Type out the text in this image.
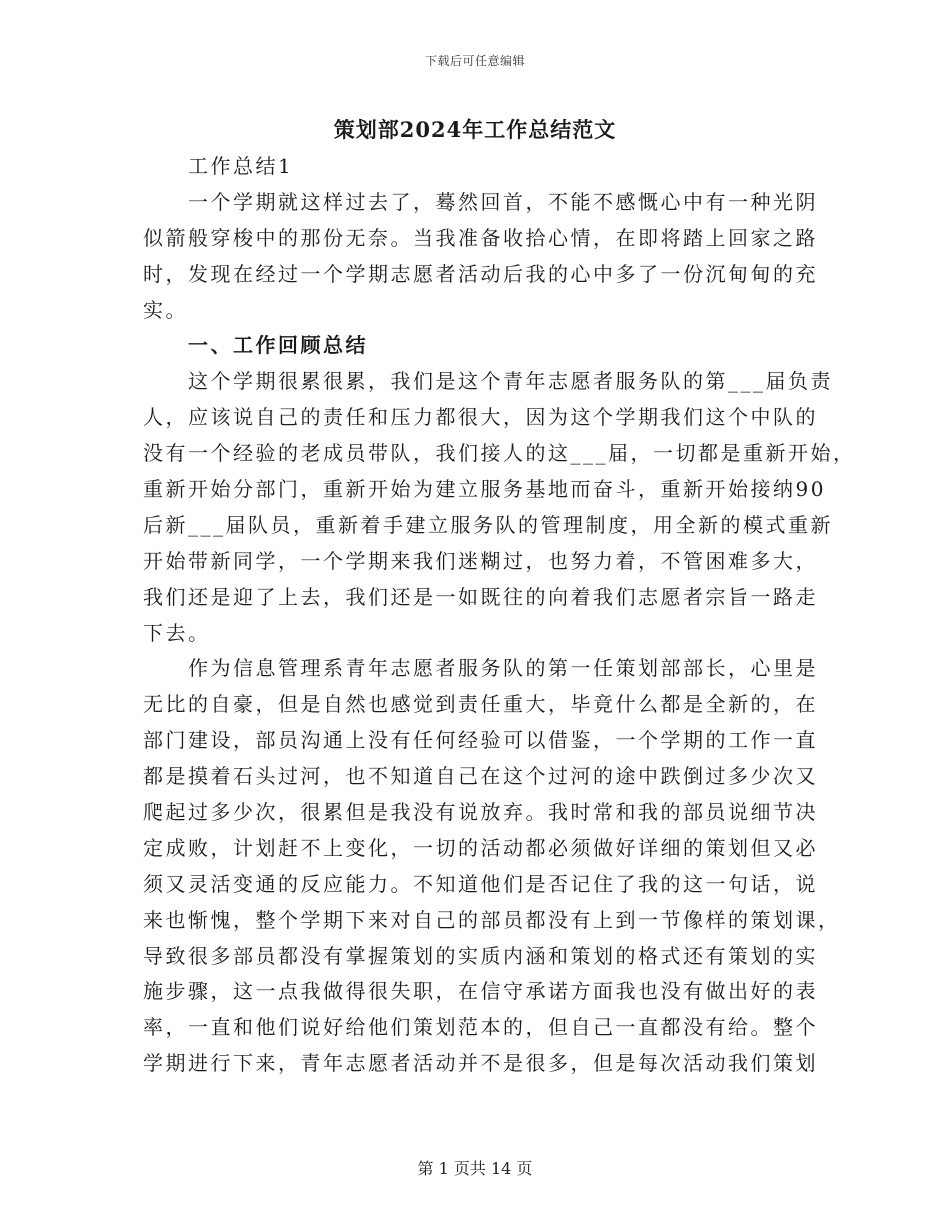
下载后可任意编辑
策划部2024年工作总结范文
工作总结1
一个学期就这样过去了，蓦然回首，不能不感慨心中有一种光阴
似箭般穿梭中的那份无奈。当我准备收拾心情，在即将踏上回家之路
时，发现在经过一个学期志愿者活动后我的心中多了一份沉甸甸的充
实。
一、工作回顾总结
这个学期很累很累，我们是这个青年志愿者服务队的第___届负责
人，应该说自己的责任和压力都很大，因为这个学期我们这个中队的
没有一个经验的老成员带队，我们接人的这___届，一切都是重新开始，
重新开始分部门，重新开始为建立服务基地而奋斗，重新开始接纳90
后新___届队员，重新着手建立服务队的管理制度，用全新的模式重新
开始带新同学，一个学期来我们迷糊过，也努力着，不管困难多大，
我们还是迎了上去，我们还是一如既往的向着我们志愿者宗旨一路走
下去。
作为信息管理系青年志愿者服务队的第一任策划部部长，心里是
无比的自豪，但是自然也感觉到责任重大，毕竟什么都是全新的，在
部门建设，部员沟通上没有任何经验可以借鉴，一个学期的工作一直
都是摸着石头过河，也不知道自己在这个过河的途中跌倒过多少次又
爬起过多少次，很累但是我没有说放弃。我时常和我的部员说细节决
定成败，计划赶不上变化，一切的活动都必须做好详细的策划但又必
须又灵活变通的反应能力。不知道他们是否记住了我的这一句话，说
来也惭愧，整个学期下来对自己的部员都没有上到一节像样的策划课，
导致很多部员都没有掌握策划的实质内涵和策划的格式还有策划的实
施步骤，这一点我做得很失职，在信守承诺方面我也没有做出好的表
率，一直和他们说好给他们策划范本的，但自己一直都没有给。整个
学期进行下来，青年志愿者活动并不是很多，但是每次活动我们策划
第 1 页共 14 页
